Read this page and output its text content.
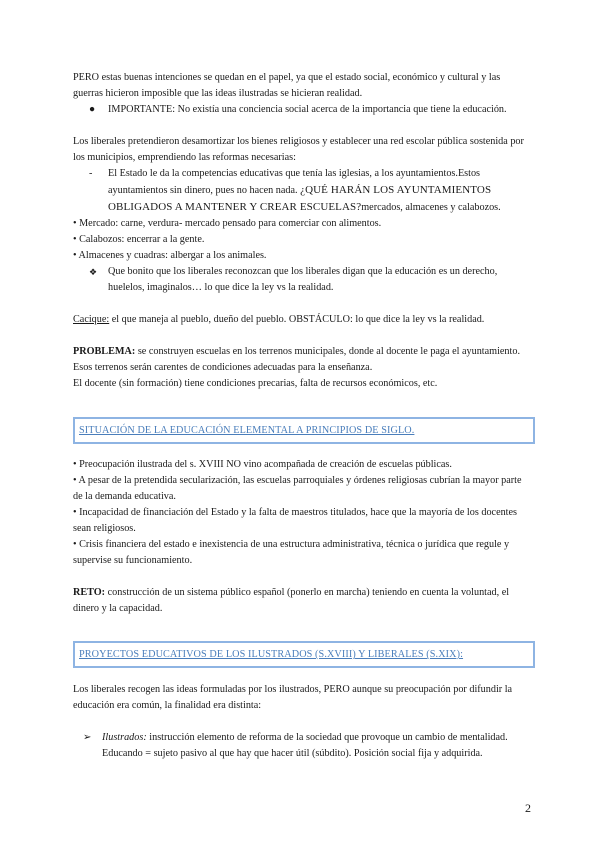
PERO estas buenas intenciones se quedan en el papel, ya que el estado social, económico y cultural y las guerras hicieron imposible que las ideas ilustradas se hicieran realidad.

●	IMPORTANTE: No existía una conciencia social acerca de la importancia que tiene la educación.

Los liberales pretendieron desamortizar los bienes religiosos y establecer una red escolar pública sostenida por los municipios, emprendiendo las reformas necesarias:

-	El Estado le da la competencias educativas que tenía las iglesias, a los ayuntamientos.Estos ayuntamientos sin dinero, pues no hacen nada. ¿QUÉ HARÁN LOS AYUNTAMIENTOS OBLIGADOS A MANTENER Y CREAR ESCUELAS?mercados, almacenes y calabozos.

• Mercado: carne, verdura- mercado pensado para comerciar con alimentos.

• Calabozos: encerrar a la gente.

• Almacenes y cuadras: albergar a los animales.

❖	Que bonito que los liberales reconozcan que los liberales digan que la educación es un derecho, huelelos, imaginalos… lo que dice la ley vs la realidad.

Cacique: el que maneja al pueblo, dueño del pueblo. OBSTÁCULO: lo que dice la ley vs la realidad.

PROBLEMA: se construyen escuelas en los terrenos municipales, donde al docente le paga el ayuntamiento. Esos terrenos serán carentes de condiciones adecuadas para la enseñanza.

El docente (sin formación) tiene condiciones precarias, falta de recursos económicos, etc.

SITUACIÓN DE LA EDUCACIÓN ELEMENTAL A PRINCIPIOS DE SIGLO.

• Preocupación ilustrada del s. XVIII NO vino acompañada de creación de escuelas públicas.

• A pesar de la pretendida secularización, las escuelas parroquiales y órdenes religiosas cubrían la mayor parte de la demanda educativa.

• Incapacidad de financiación del Estado y la falta de maestros titulados, hace que la mayoría de los docentes sean religiosos.

• Crisis financiera del estado e inexistencia de una estructura administrativa, técnica o jurídica que regule y supervise su funcionamiento.

RETO: construcción de un sistema público español (ponerlo en marcha) teniendo en cuenta la voluntad, el dinero y la capacidad.

PROYECTOS EDUCATIVOS DE LOS ILUSTRADOS (S.XVIII) Y LIBERALES (S.XIX):

Los liberales recogen las ideas formuladas por los ilustrados, PERO aunque su preocupación por difundir la educación era común, la finalidad era distinta:

➢	Ilustrados: instrucción elemento de reforma de la sociedad que provoque un cambio de mentalidad. Educando = sujeto pasivo al que hay que hacer útil (súbdito). Posición social fija y adquirida.
2
